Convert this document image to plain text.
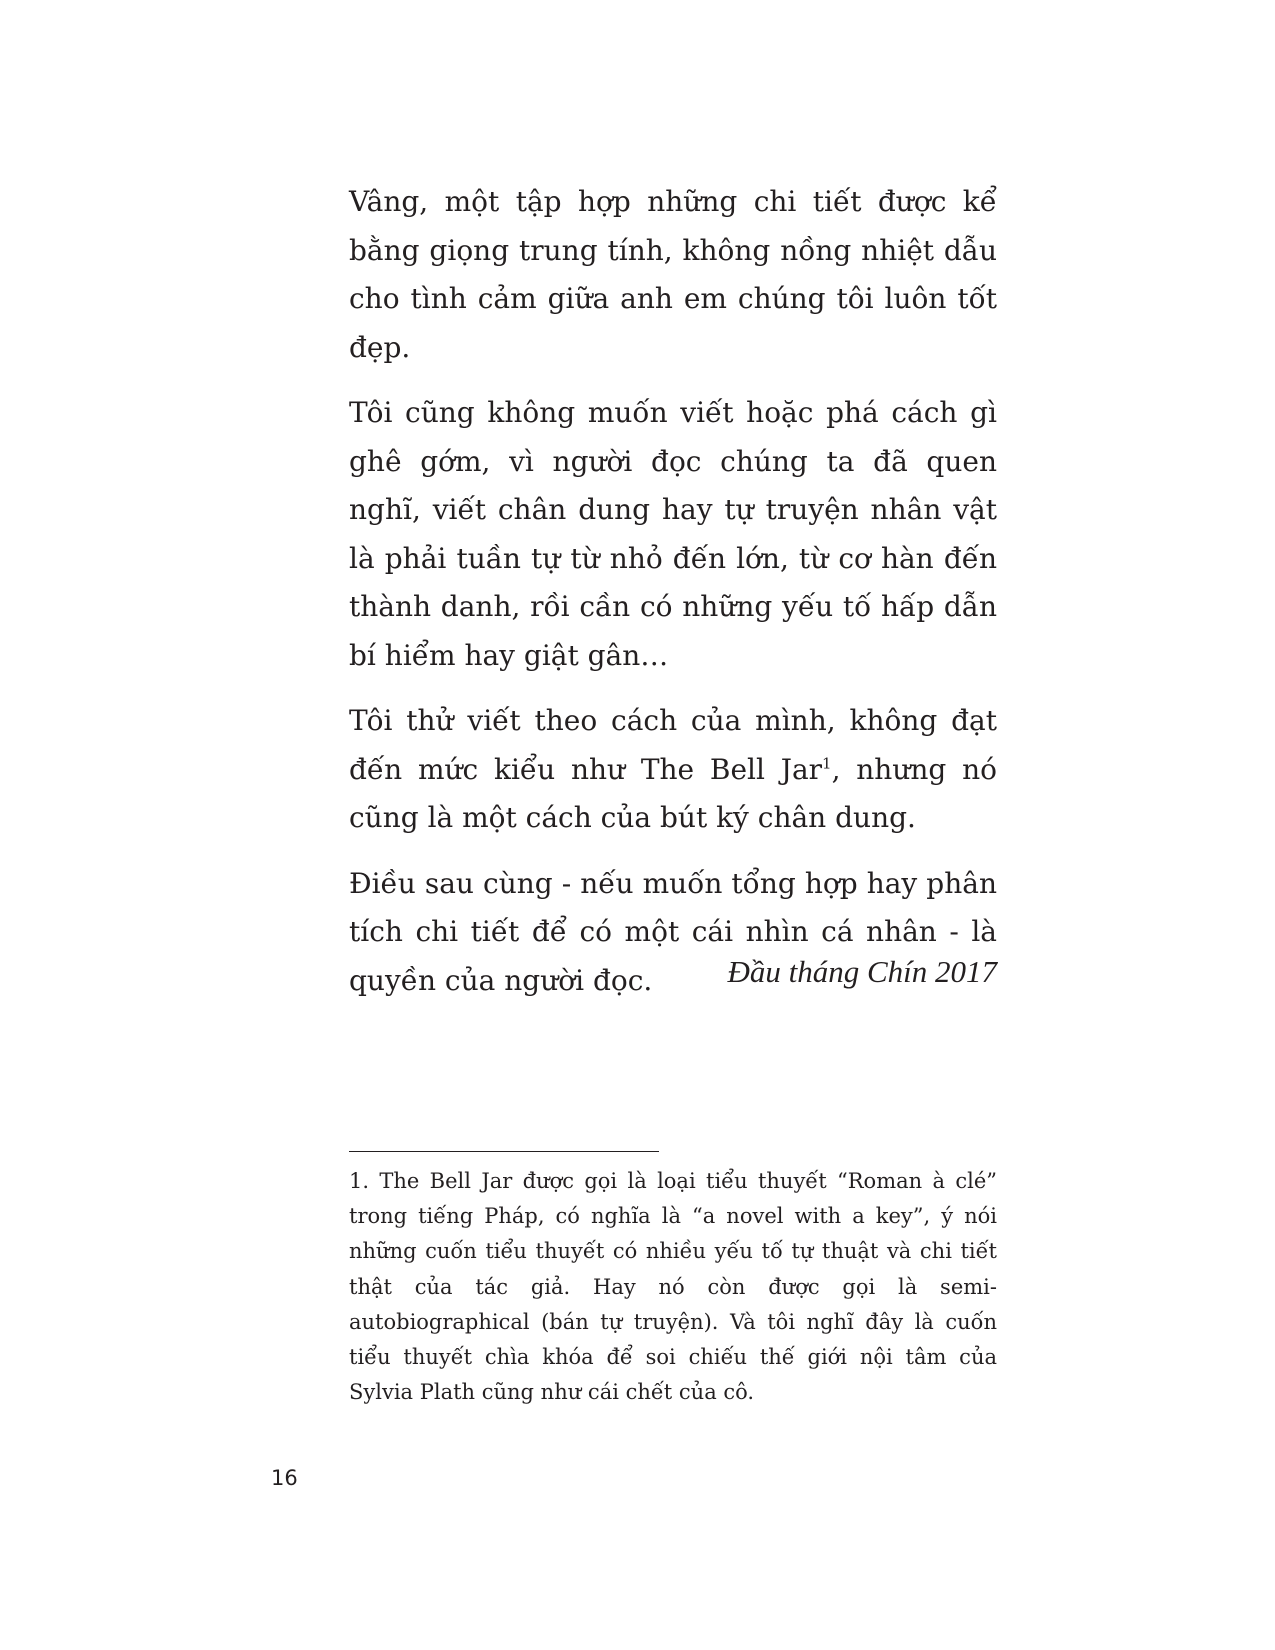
Vâng, một tập hợp những chi tiết được kể bằng giọng trung tính, không nồng nhiệt dẫu cho tình cảm giữa anh em chúng tôi luôn tốt đẹp.

Tôi cũng không muốn viết hoặc phá cách gì ghê gớm, vì người đọc chúng ta đã quen nghĩ, viết chân dung hay tự truyện nhân vật là phải tuần tự từ nhỏ đến lớn, từ cơ hàn đến thành danh, rồi cần có những yếu tố hấp dẫn bí hiểm hay giật gân…

Tôi thử viết theo cách của mình, không đạt đến mức kiểu như The Bell Jar$^1$, nhưng nó cũng là một cách của bút ký chân dung.

Điều sau cùng - nếu muốn tổng hợp hay phân tích chi tiết để có một cái nhìn cá nhân - là quyền của người đọc.	Đầu tháng Chín 2017

1. The Bell Jar được gọi là loại tiểu thuyết “Roman à clé” trong tiếng Pháp, có nghĩa là “a novel with a key”, ý nói những cuốn tiểu thuyết có nhiều yếu tố tự thuật và chi tiết thật của tác giả. Hay nó còn được gọi là semi-autobiographical (bán tự truyện). Và tôi nghĩ đây là cuốn tiểu thuyết chìa khóa để soi chiếu thế giới nội tâm của Sylvia Plath cũng như cái chết của cô.

16
